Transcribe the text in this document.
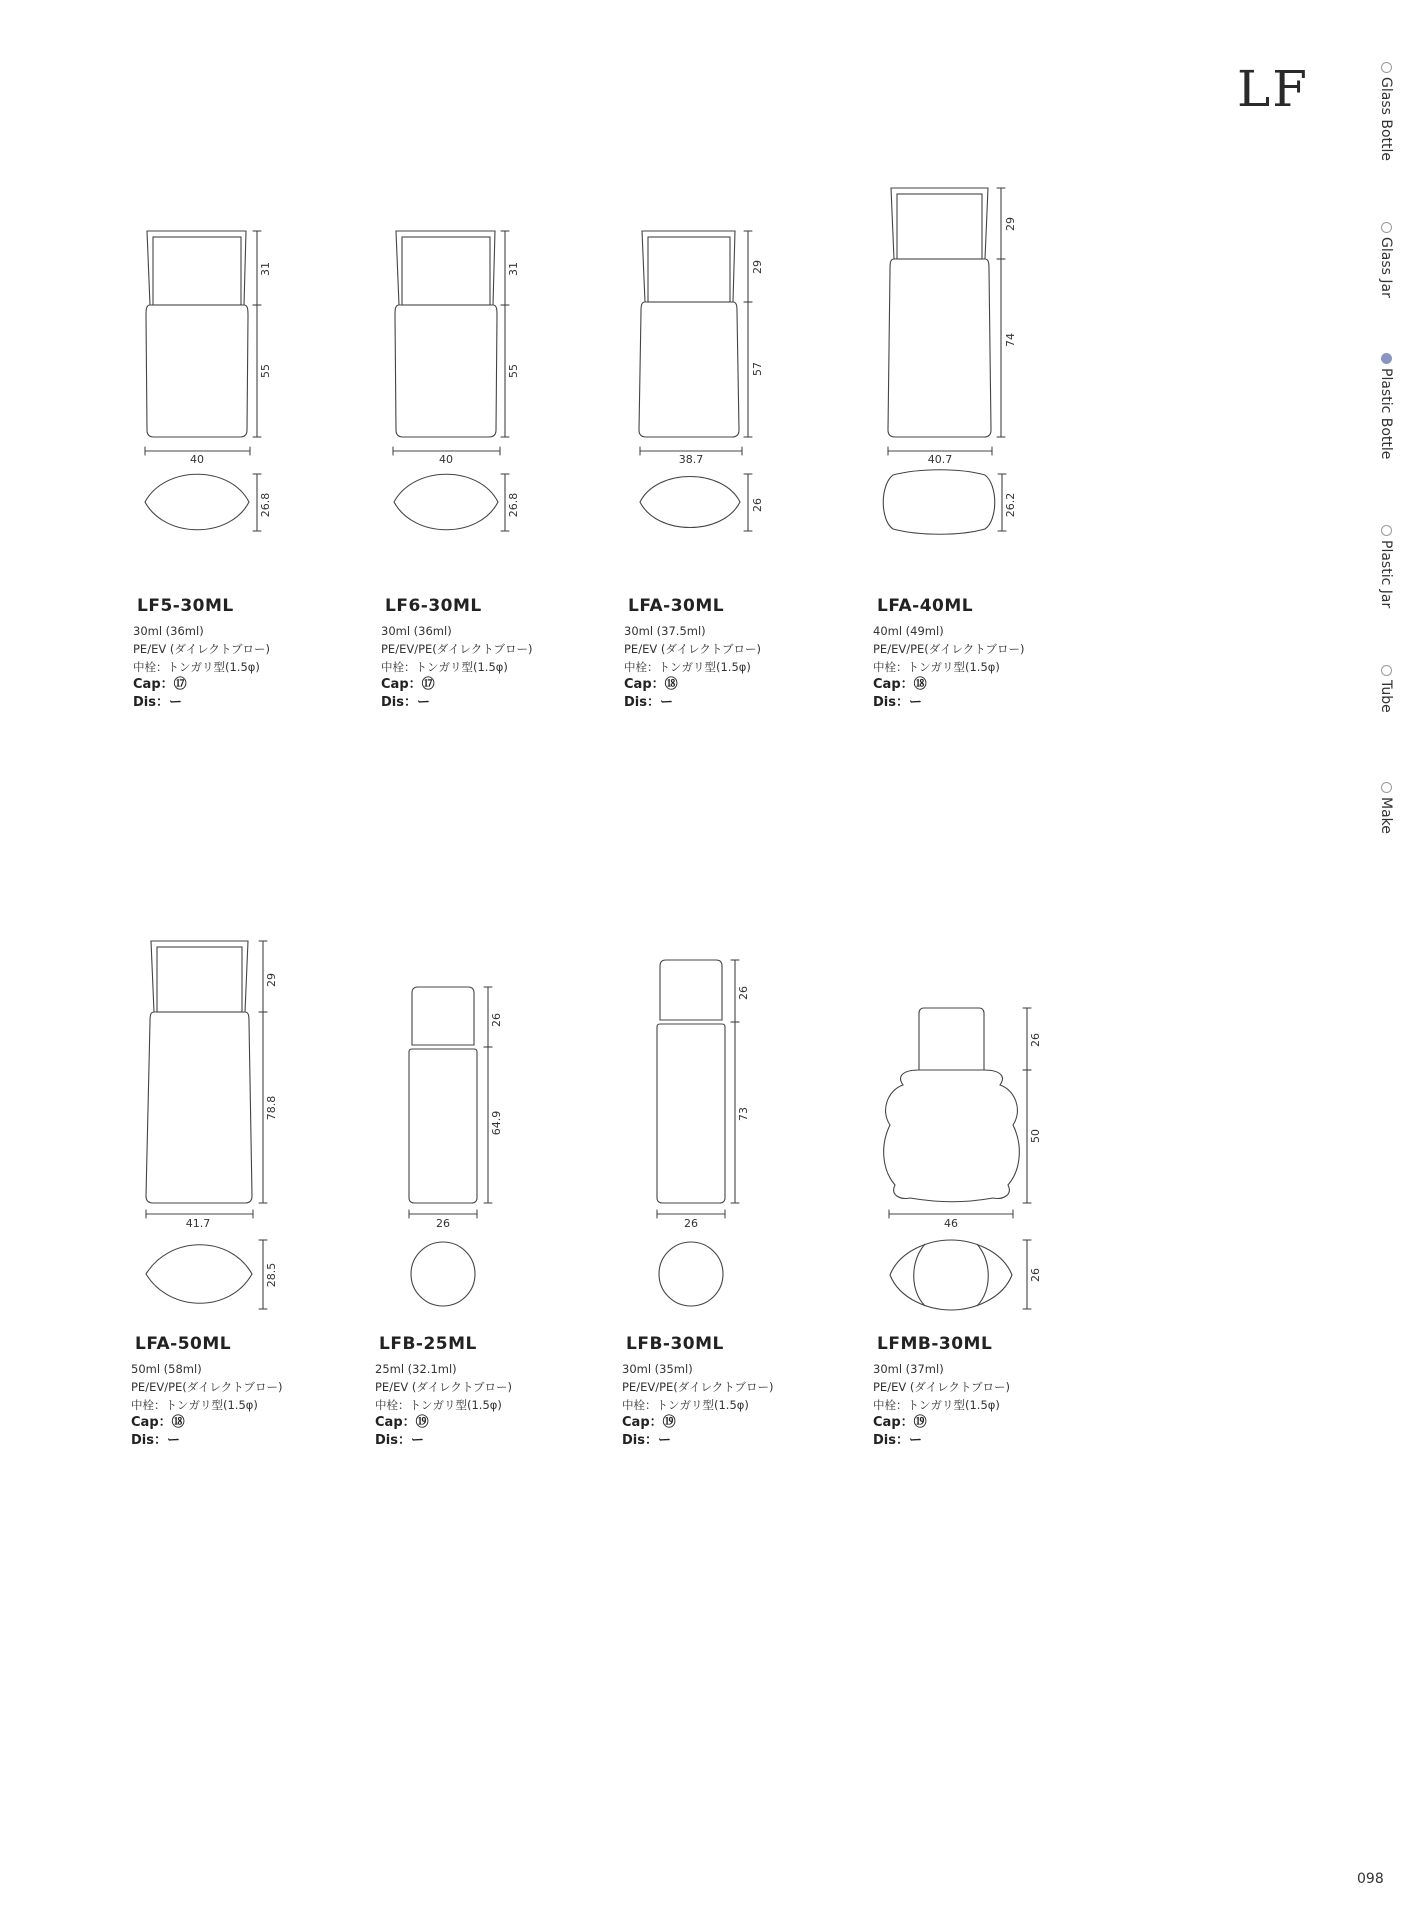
LF	Glass Bottle
Glass Jar
Plastic Bottle
Plastic Jar
Tube
Make
31
55
40
26.8
31
55
40
26.8
29
57
38.7
26
29
74
40.7
26.2
29
78.8
41.7
28.5
26
64.9
26
26
73
26
26
50
46
26
LF5-30ML
30ml (36ml)
PE/EV (ダイレクトブロー)
中栓：トンガリ型(1.5φ)
Cap：⑰
Dis：ー
LF6-30ML
30ml (36ml)
PE/EV/PE(ダイレクトブロー)
中栓：トンガリ型(1.5φ)
Cap：⑰
Dis：ー
LFA-30ML
30ml (37.5ml)
PE/EV (ダイレクトブロー)
中栓：トンガリ型(1.5φ)
Cap：⑱
Dis：ー
LFA-40ML
40ml (49ml)
PE/EV/PE(ダイレクトブロー)
中栓：トンガリ型(1.5φ)
Cap：⑱
Dis：ー
LFA-50ML
50ml (58ml)
PE/EV/PE(ダイレクトブロー)
中栓：トンガリ型(1.5φ)
Cap：⑱
Dis：ー
LFB-25ML
25ml (32.1ml)
PE/EV (ダイレクトブロー)
中栓：トンガリ型(1.5φ)
Cap：⑲
Dis：ー
LFB-30ML
30ml (35ml)
PE/EV/PE(ダイレクトブロー)
中栓：トンガリ型(1.5φ)
Cap：⑲
Dis：ー
LFMB-30ML
30ml (37ml)
PE/EV (ダイレクトブロー)
中栓：トンガリ型(1.5φ)
Cap：⑲
Dis：ー
098
